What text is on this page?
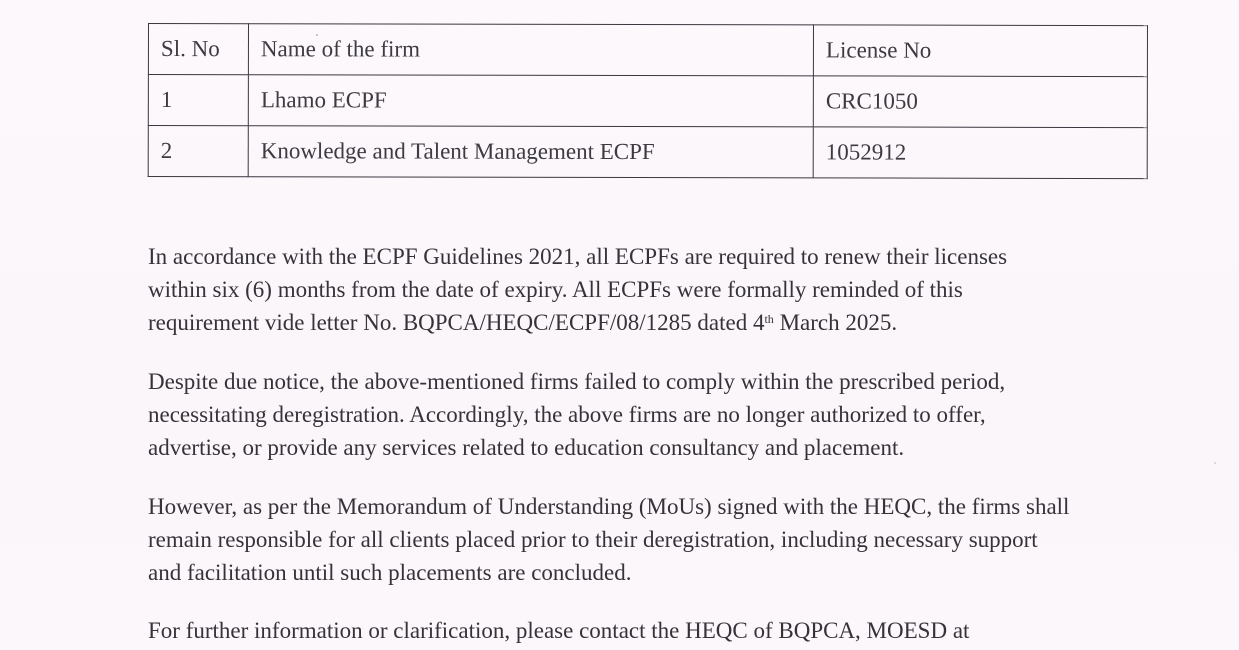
Sl. No	Name of the firm	License No
1	Lhamo ECPF	CRC1050
2	Knowledge and Talent Management ECPF	1052912

In accordance with the ECPF Guidelines 2021, all ECPFs are required to renew their licenses
within six (6) months from the date of expiry. All ECPFs were formally reminded of this
requirement vide letter No. BQPCA/HEQC/ECPF/08/1285 dated 4th March 2025.

Despite due notice, the above-mentioned firms failed to comply within the prescribed period,
necessitating deregistration. Accordingly, the above firms are no longer authorized to offer,
advertise, or provide any services related to education consultancy and placement.

However, as per the Memorandum of Understanding (MoUs) signed with the HEQC, the firms shall
remain responsible for all clients placed prior to their deregistration, including necessary support
and facilitation until such placements are concluded.

For further information or clarification, please contact the HEQC of BQPCA, MOESD at
